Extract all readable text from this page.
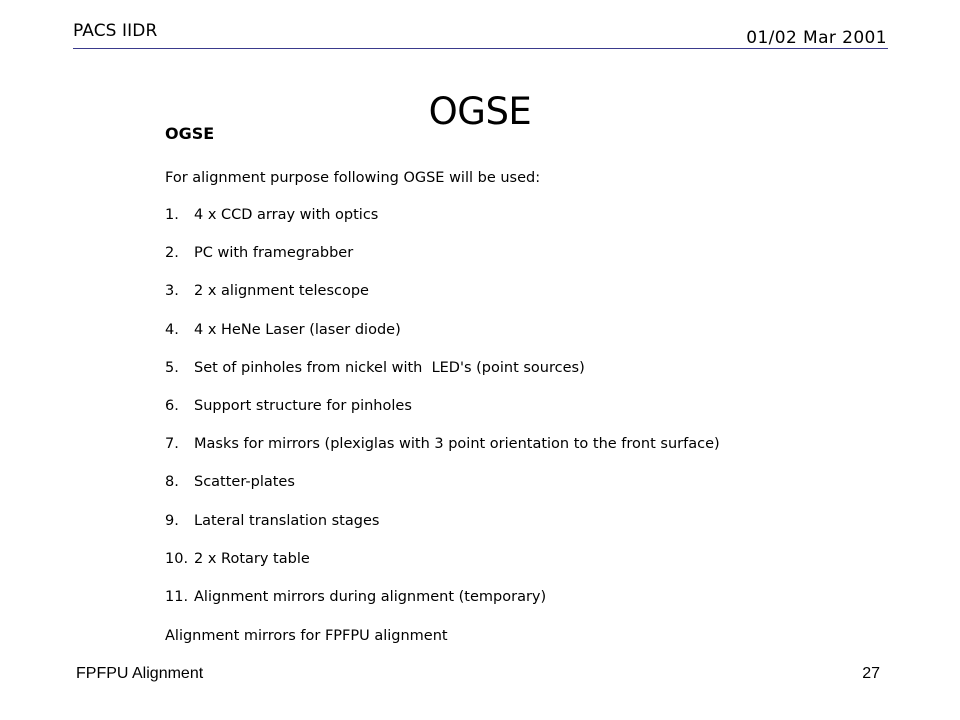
PACS IIDR	01/02 Mar 2001
OGSE
OGSE
For alignment purpose following OGSE will be used:
1.	4 x CCD array with optics
2.	PC with framegrabber
3.	2 x alignment telescope
4.	4 x HeNe Laser (laser diode)
5.	Set of pinholes from nickel with  LED's (point sources)
6.	Support structure for pinholes
7.	Masks for mirrors (plexiglas with 3 point orientation to the front surface)
8.	Scatter-plates
9.	Lateral translation stages
10. 2 x Rotary table
11. Alignment mirrors during alignment (temporary)
Alignment mirrors for FPFPU alignment
FPFPU Alignment	27
